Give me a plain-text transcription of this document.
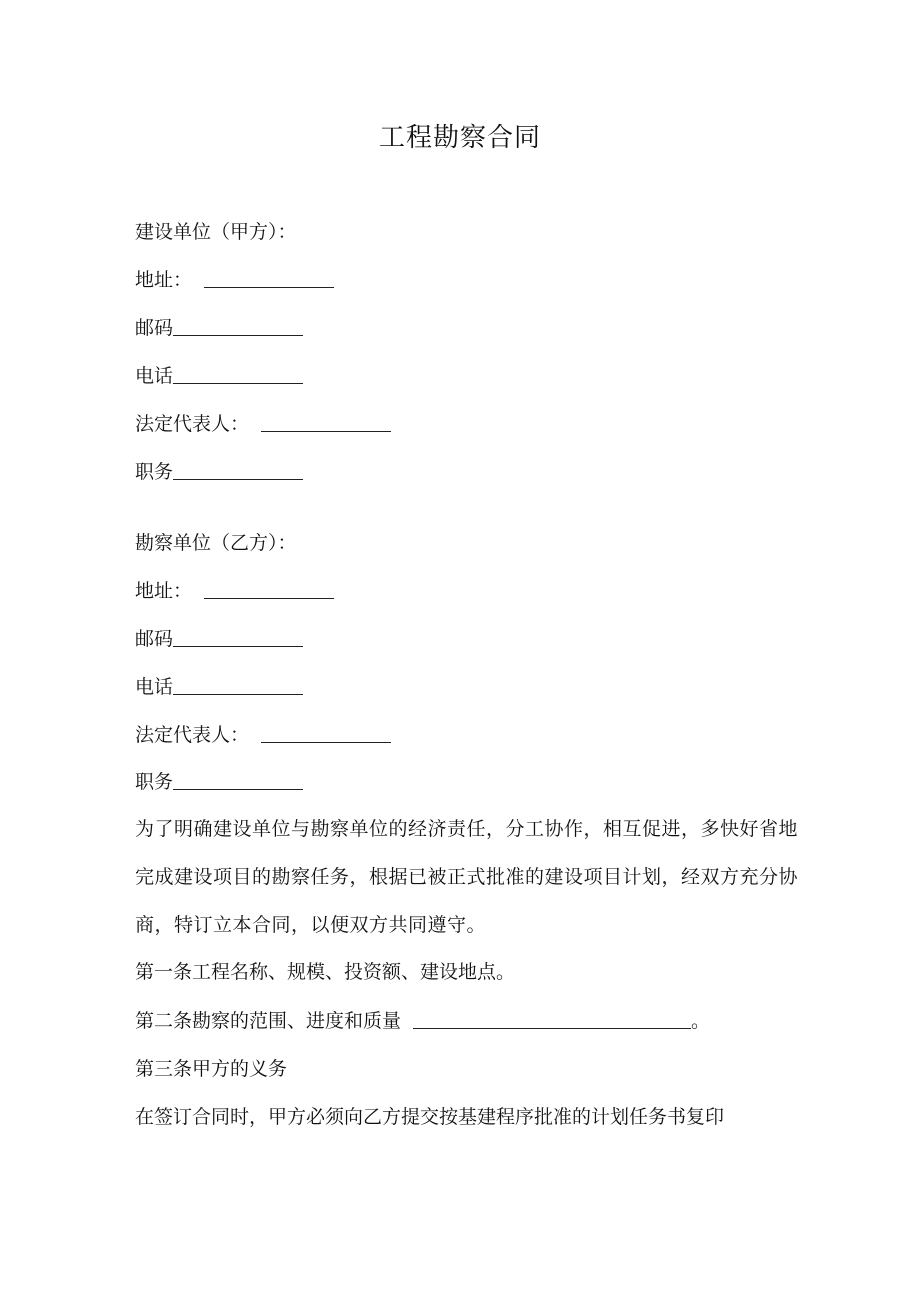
工程勘察合同
建设单位（甲方）：
地址：
邮码
电话
法定代表人：
职务
勘察单位（乙方）：
地址：
邮码
电话
法定代表人：
职务
为了明确建设单位与勘察单位的经济责任，分工协作，相互促进，多快好省地完成建设项目的勘察任务，根据已被正式批准的建设项目计划，经双方充分协商，特订立本合同，以便双方共同遵守。
第一条工程名称、规模、投资额、建设地点。
第二条勘察的范围、进度和质量	。
第三条甲方的义务
在签订合同时，甲方必须向乙方提交按基建程序批准的计划任务书复印
